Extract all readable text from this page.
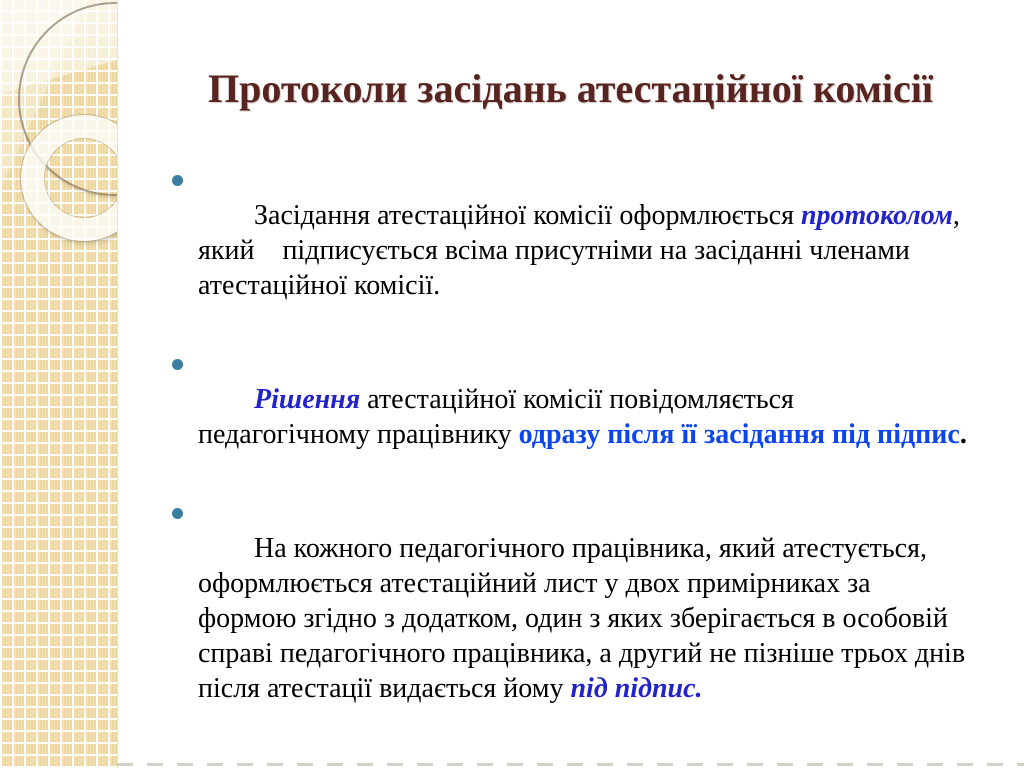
Протоколи засідань атестаційної комісії

Засідання атестаційної комісії оформлюється протоколом, який    підписується всіма присутніми на засіданні членами атестаційної комісії.

Рішення атестаційної комісії повідомляється педагогічному працівнику одразу після її засідання під підпис.

На кожного педагогічного працівника, який атестується, оформлюється атестаційний лист у двох примірниках за формою згідно з додатком, один з яких зберігається в особовій справі педагогічного працівника, а другий не пізніше трьох днів після атестації видається йому під підпис.
